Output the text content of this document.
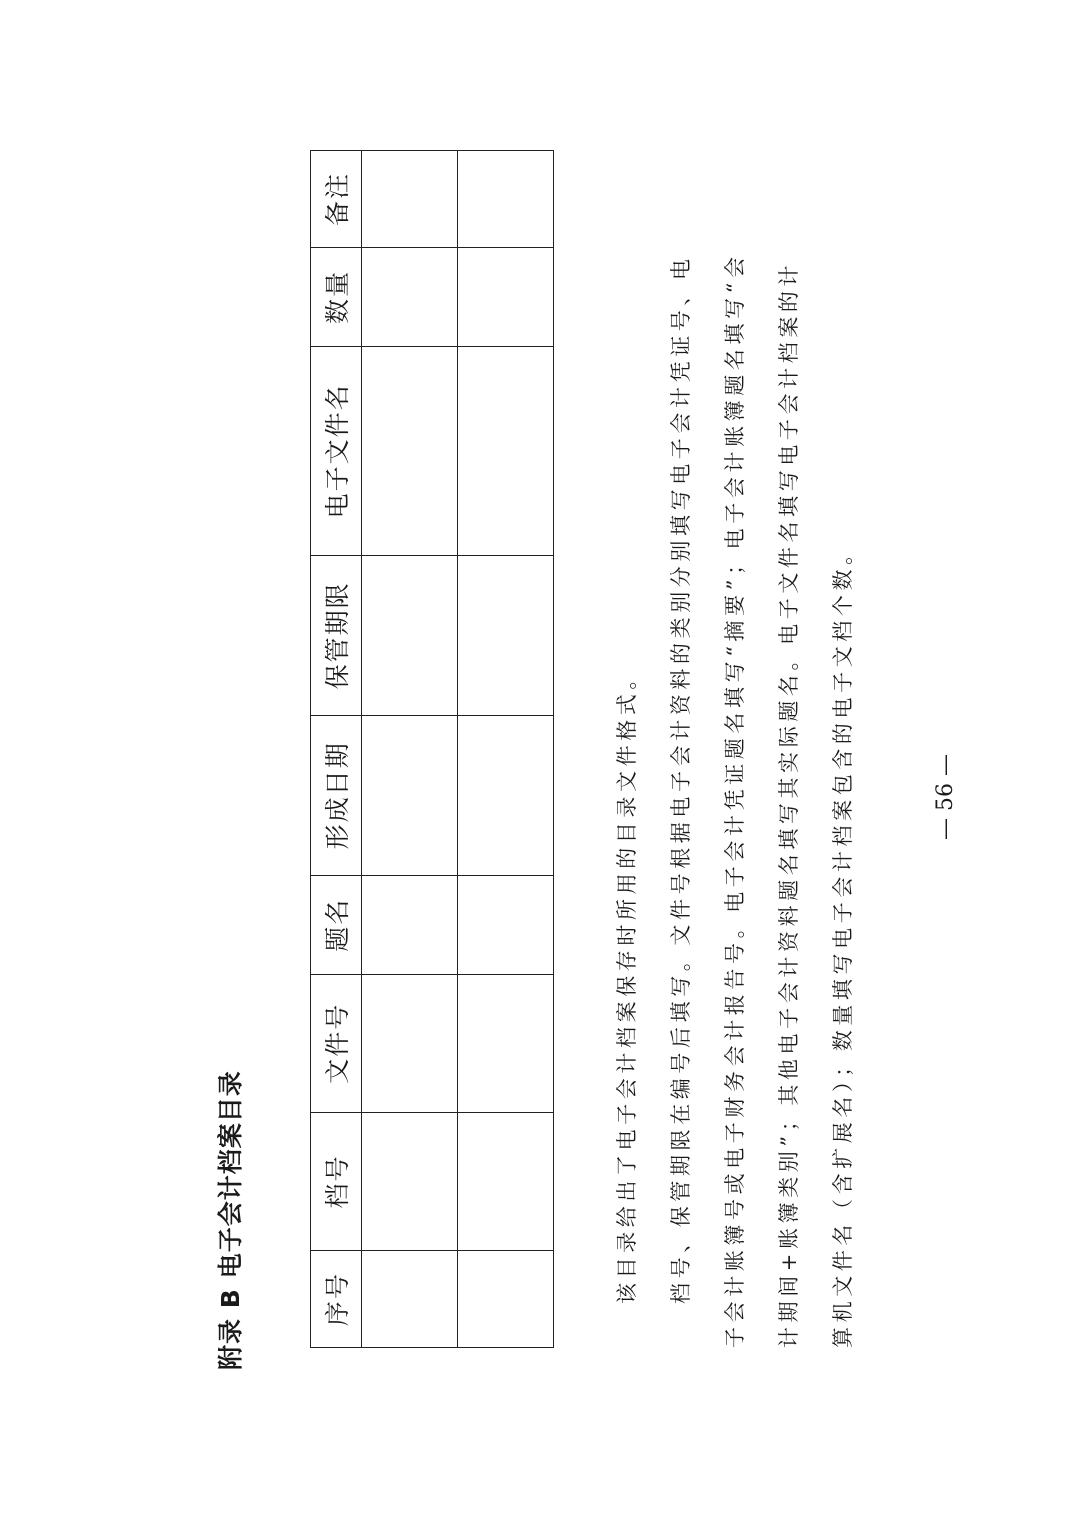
附录 B电子会计档案目录
序号	档号	文件号	题名	形成日期	保管期限	电子文件名	数量	备注

该目录给出了电子会计档案保存时所用的目录文件格式。	档号、保管期限在编号后填写。文件号根据电子会计资料的类别分别填写电子会计凭证号、电	子会计账簿号或电子财务会计报告号。电子会计凭证题名填写“摘要”；电子会计账簿题名填写“会	计期间+账簿类别”；其他电子会计资料题名填写其实际题名。电子文件名填写电子会计档案的计	算机文件名（含扩展名）；数量填写电子会计档案包含的电子文档个数。	— 56 —
